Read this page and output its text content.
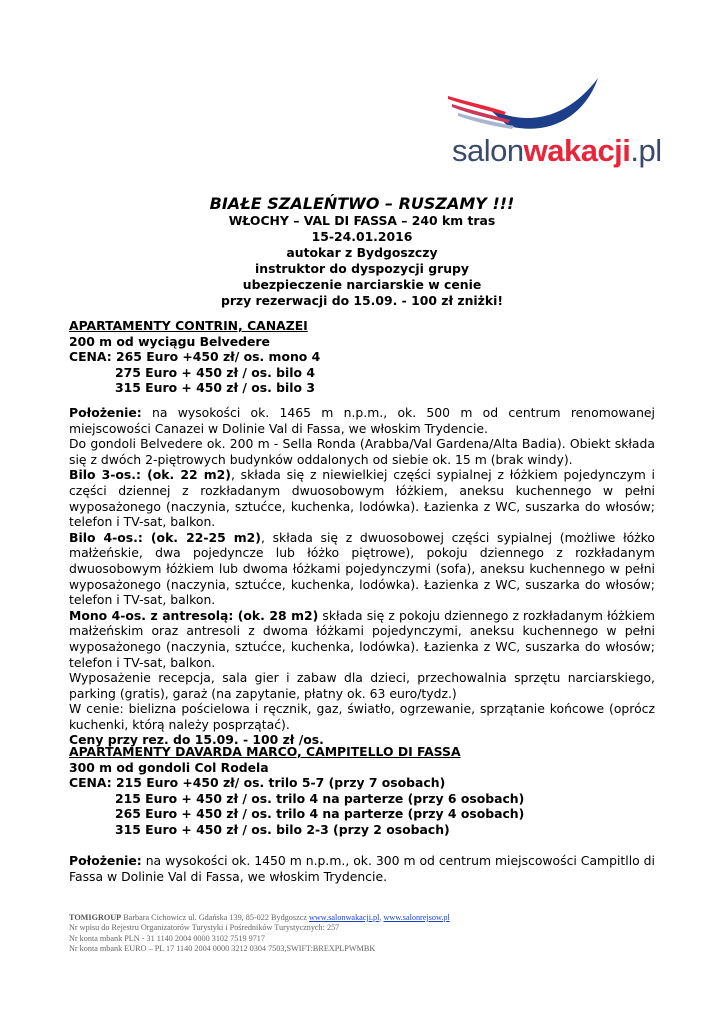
salonwakacji.pl
BIAŁE SZALEŃTWO – RUSZAMY !!!
WŁOCHY – VAL DI FASSA – 240 km tras
15-24.01.2016
autokar z Bydgoszczy
instruktor do dyspozycji grupy
ubezpieczenie narciarskie w cenie
przy rezerwacji do 15.09. - 100 zł zniżki!
APARTAMENTY CONTRIN, CANAZEI
200 m od wyciągu Belvedere
CENA: 265 Euro +450 zł/ os. mono 4
275 Euro + 450 zł / os. bilo 4
315 Euro + 450 zł / os. bilo 3

Położenie: na wysokości ok. 1465 m n.p.m., ok. 500 m od centrum renomowanej miejscowości Canazei w Dolinie Val di Fassa, we włoskim Trydencie.

Do gondoli Belvedere ok. 200 m - Sella Ronda (Arabba/Val Gardena/Alta Badia). Obiekt składa się z dwóch 2-piętrowych budynków oddalonych od siebie ok. 15 m (brak windy).

Bilo 3-os.: (ok. 22 m2), składa się z niewielkiej części sypialnej z łóżkiem pojedynczym i części dziennej z rozkładanym dwuosobowym łóżkiem, aneksu kuchennego w pełni wyposażonego (naczynia, sztućce, kuchenka, lodówka). Łazienka z WC, suszarka do włosów; telefon i TV-sat, balkon.

Bilo 4-os.: (ok. 22-25 m2), składa się z dwuosobowej części sypialnej (możliwe łóżko małżeńskie, dwa pojedyncze lub łóżko piętrowe), pokoju dziennego z rozkładanym dwuosobowym łóżkiem lub dwoma łóżkami pojedynczymi (sofa), aneksu kuchennego w pełni wyposażonego (naczynia, sztućce, kuchenka, lodówka). Łazienka z WC, suszarka do włosów; telefon i TV-sat, balkon.

Mono 4-os. z antresolą: (ok. 28 m2) składa się z pokoju dziennego z rozkładanym łóżkiem małżeńskim oraz antresoli z dwoma łóżkami pojedynczymi, aneksu kuchennego w pełni wyposażonego (naczynia, sztućce, kuchenka, lodówka). Łazienka z WC, suszarka do włosów; telefon i TV-sat, balkon.

Wyposażenie recepcja, sala gier i zabaw dla dzieci, przechowalnia sprzętu narciarskiego, parking (gratis), garaż (na zapytanie, płatny ok. 63 euro/tydz.)

W cenie: bielizna pościelowa i ręcznik, gaz, światło, ogrzewanie, sprzątanie końcowe (oprócz kuchenki, którą należy posprzątać).

Ceny przy rez. do 15.09. - 100 zł /os.

APARTAMENTY DAVARDA MARCO, CAMPITELLO DI FASSA
300 m od gondoli Col Rodela
CENA: 215 Euro +450 zł/ os. trilo 5-7 (przy 7 osobach)
215 Euro + 450 zł / os. trilo 4 na parterze (przy 6 osobach)
265 Euro + 450 zł / os. trilo 4 na parterze (przy 4 osobach)
315 Euro + 450 zł / os. bilo 2-3 (przy 2 osobach)

Położenie: na wysokości ok. 1450 m n.p.m., ok. 300 m od centrum miejscowości Campitllo di Fassa w Dolinie Val di Fassa, we włoskim Trydencie.

TOMIGROUP Barbara Cichowicz ul. Gdańska 139, 85-022 Bydgoszcz www.salonwakacji.pl, www.salonrejsow.pl
Nr wpisu do Rejestru Organizatorów Turystyki i Pośredników Turystycznych: 257
Nr konta mbank PLN - 31 1140 2004 0000 3102 7519 9717
Nr konta mbank EURO – PL 17 1140 2004 0000 3212 0304 7503,SWIFT:BREXPLPWMBK
